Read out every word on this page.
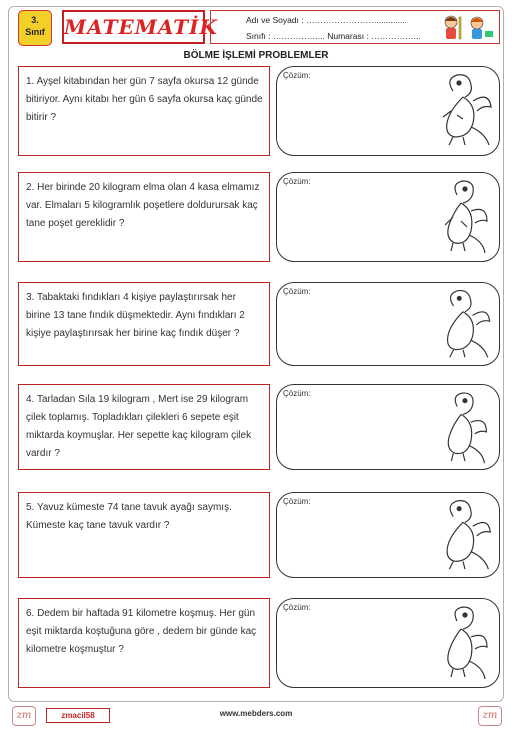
3.
Sınıf MATEMATİK	Adı ve Soyadı : ……………………..............
Sınıfı : …………….... Numarası : ……………...
BÖLME İŞLEMİ PROBLEMLER
1. Ayşel kitabından her gün 7 sayfa okursa 12 günde bitiriyor. Aynı kitabı her gün 6 sayfa okursa kaç günde bitirir ?
Çözüm:
2. Her birinde 20 kilogram elma olan 4 kasa elmamız var. Elmaları 5 kilogramlık poşetlere doldurursak kaç tane poşet gereklidir ?
Çözüm:
3. Tabaktaki fındıkları 4 kişiye paylaştırırsak her birine 13 tane fındık düşmektedir. Aynı fındıkları 2 kişiye paylaştırırsak her birine kaç fındık düşer ?
Çözüm:
4. Tarladan Sıla 19 kilogram , Mert ise 29 kilogram çilek toplamış. Topladıkları çilekleri 6 sepete eşit miktarda koymuşlar. Her sepette kaç kilogram çilek vardır ?
Çözüm:
5. Yavuz kümeste 74 tane tavuk ayağı saymış. Kümeste kaç tane tavuk vardır ?
Çözüm:
6. Dedem bir haftada 91 kilometre koşmuş. Her gün eşit miktarda koştuğuna göre , dedem bir günde kaç kilometre koşmuştur ?
Çözüm:
zm	zmacil58	www.mebders.com	zm
